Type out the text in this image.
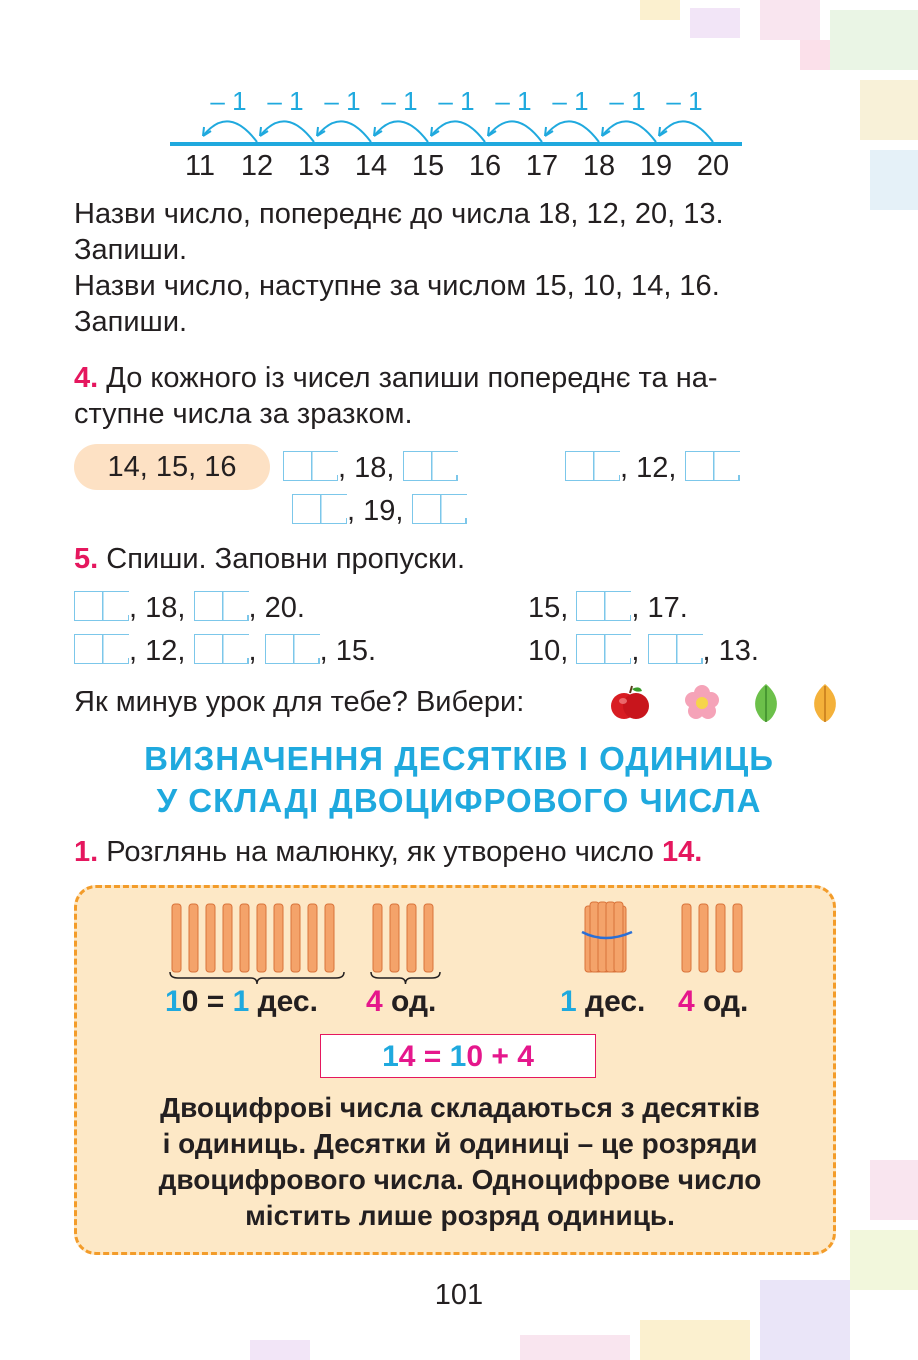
– 1 – 1 – 1 – 1 – 1 – 1 – 1 – 1 – 1
11 12 13 14 15 16 17 18 19 20
Назви число, попереднє до числа 18, 12, 20, 13.
Запиши.
Назви число, наступне за числом 15, 10, 14, 16.
Запиши.
4. До кожного із чисел запиши попереднє та на-
ступне числа за зразком.
14, 15, 16	, 18,	, 12,
, 19,
5. Спиши. Заповни пропуски.
, 18, , 20.	15, , 17.
, 12, , , 15.	10, , , 13.
Як минув урок для тебе? Вибери:
ВИЗНАЧЕННЯ ДЕСЯТКІВ І ОДИНИЦЬ
У СКЛАДІ ДВОЦИФРОВОГО ЧИСЛА
1. Розглянь на малюнку, як утворено число 14.
10 = 1 дес. 4 од.	1 дес. 4 од.
14 = 10 + 4
Двоцифрові числа складаються з десятків
і одиниць. Десятки й одиниці – це розряди
двоцифрового числа. Одноцифрове число
містить лише розряд одиниць.
101
